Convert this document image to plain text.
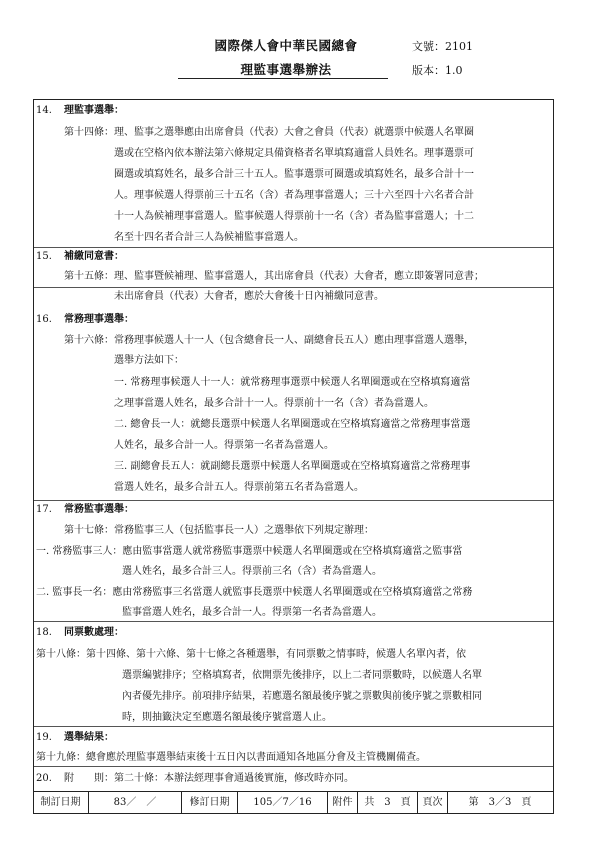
國際傑人會中華民國總會	文號：2101
理監事選舉辦法	版本：1.0
14. 理監事選舉：
第十四條：理、監事之選舉應由出席會員（代表）大會之會員（代表）就選票中候選人名單圈
選或在空格內依本辦法第六條規定具備資格者名單填寫適當人員姓名。理事選票可
圈選或填寫姓名，最多合計三十五人。監事選票可圈選或填寫姓名，最多合計十一
人。理事候選人得票前三十五名（含）者為理事當選人；三十六至四十六名者合計
十一人為候補理事當選人。監事候選人得票前十一名（含）者為監事當選人；十二
名至十四名者合計三人為候補監事當選人。
15. 補繳同意書：
第十五條：理、監事暨候補理、監事當選人，其出席會員（代表）大會者，應立即簽署同意書；
未出席會員（代表）大會者，應於大會後十日內補繳同意書。
16. 常務理事選舉：
第十六條：常務理事候選人十一人（包含總會長一人、副總會長五人）應由理事當選人選舉，
選舉方法如下：
一. 常務理事候選人十一人：就常務理事選票中候選人名單圈選或在空格填寫適當
之理事當選人姓名，最多合計十一人。得票前十一名（含）者為當選人。
二. 總會長一人：就總長選票中候選人名單圈選或在空格填寫適當之常務理事當選
人姓名，最多合計一人。得票第一名者為當選人。
三. 副總會長五人：就副總長選票中候選人名單圈選或在空格填寫適當之常務理事
當選人姓名，最多合計五人。得票前第五名者為當選人。
17. 常務監事選舉：
第十七條：常務監事三人（包括監事長一人）之選舉依下列規定辦理：
一. 常務監事三人：應由監事當選人就常務監事選票中候選人名單圈選或在空格填寫適當之監事當
選人姓名，最多合計三人。得票前三名（含）者為當選人。
二. 監事長一名：應由常務監事三名當選人就監事長選票中候選人名單圈選或在空格填寫適當之常務
監事當選人姓名，最多合計一人。得票第一名者為當選人。
18. 同票數處理：
第十八條：第十四條、第十六條、第十七條之各種選舉，有同票數之情事時，候選人名單內者，依
選票編號排序；空格填寫者，依開票先後排序，以上二者同票數時，以候選人名單
內者優先排序。前項排序結果，若應選名額最後序號之票數與前後序號之票數相同
時，則抽籤決定至應選名額最後序號當選人止。
19. 選舉結果：
第十九條：總會應於理監事選舉結束後十五日內以書面通知各地區分會及主管機關備查。
20. 附　　則：第二十條：本辦法經理事會通過後實施，修改時亦同。
制訂日期	83／　／	修訂日期	105／7／16	附件	共　3　頁	頁次	第　3／3　頁
